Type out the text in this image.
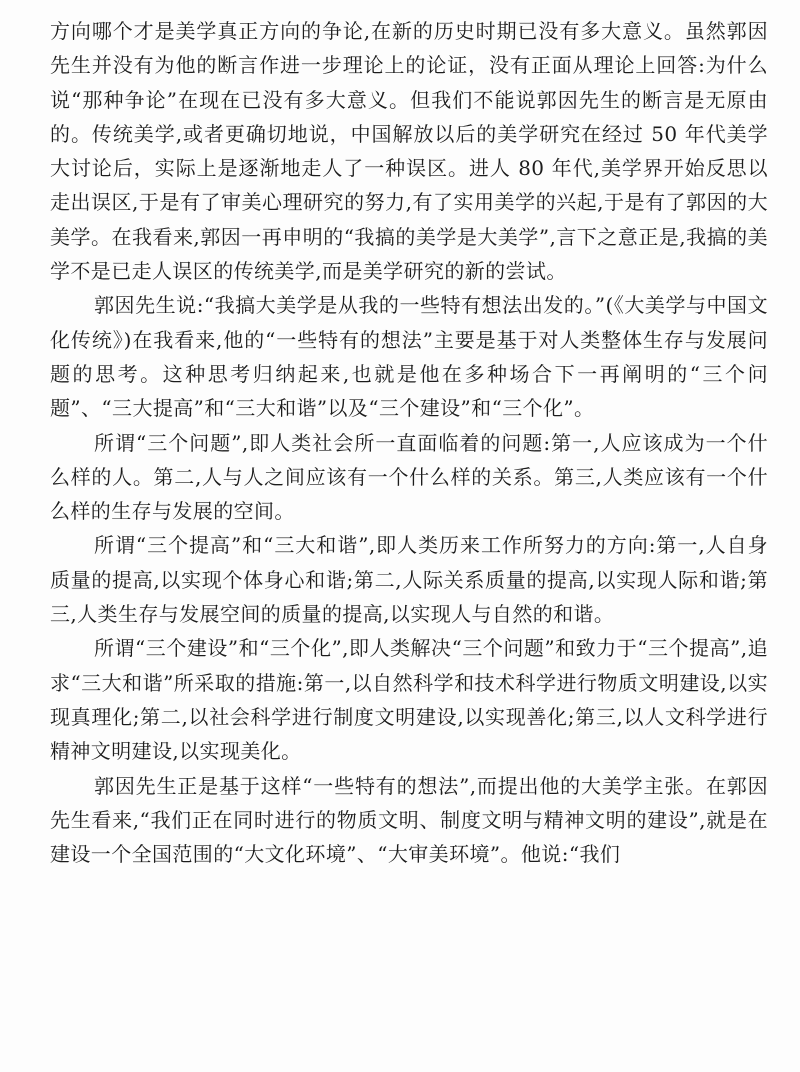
方向哪个才是美学真正方向的争论,在新的历史时期已没有多大意义。虽然郭因先生并没有为他的断言作进一步理论上的论证，没有正面从理论上回答:为什么说“那种争论”在现在已没有多大意义。但我们不能说郭因先生的断言是无原由的。传统美学,或者更确切地说，中国解放以后的美学研究在经过 50 年代美学大讨论后，实际上是逐渐地走人了一种误区。进人 80 年代,美学界开始反思以走出误区,于是有了审美心理研究的努力,有了实用美学的兴起,于是有了郭因的大美学。在我看来,郭因一再申明的“我搞的美学是大美学”,言下之意正是,我搞的美学不是已走人误区的传统美学,而是美学研究的新的尝试。

郭因先生说:“我搞大美学是从我的一些特有想法出发的。”(《大美学与中国文化传统》)在我看来,他的“一些特有的想法”主要是基于对人类整体生存与发展问题的思考。这种思考归纳起来,也就是他在多种场合下一再阐明的“三个问题”、“三大提高”和“三大和谐”以及“三个建设”和“三个化”。

所谓“三个问题”,即人类社会所一直面临着的问题:第一,人应该成为一个什么样的人。第二,人与人之间应该有一个什么样的关系。第三,人类应该有一个什么样的生存与发展的空间。

所谓“三个提高”和“三大和谐”,即人类历来工作所努力的方向:第一,人自身质量的提高,以实现个体身心和谐;第二,人际关系质量的提高,以实现人际和谐;第三,人类生存与发展空间的质量的提高,以实现人与自然的和谐。

所谓“三个建设”和“三个化”,即人类解决“三个问题”和致力于“三个提高”,追求“三大和谐”所采取的措施:第一,以自然科学和技术科学进行物质文明建设,以实现真理化;第二,以社会科学进行制度文明建设,以实现善化;第三,以人文科学进行精神文明建设,以实现美化。

郭因先生正是基于这样“一些特有的想法”,而提出他的大美学主张。在郭因先生看来,“我们正在同时进行的物质文明、制度文明与精神文明的建设”,就是在建设一个全国范围的“大文化环境”、“大审美环境”。他说:“我们
